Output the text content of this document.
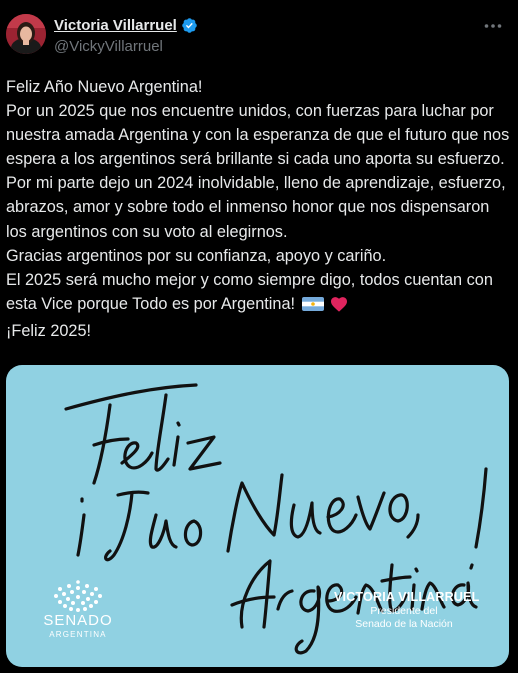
Victoria Villarruel
@VickyVillarruel

Feliz Año Nuevo Argentina!

Por un 2025 que nos encuentre unidos, con fuerzas para luchar por nuestra amada Argentina y con la esperanza de que el futuro que nos espera a los argentinos será brillante si cada uno aporta su esfuerzo.

Por mi parte dejo un 2024 inolvidable, lleno de aprendizaje, esfuerzo, abrazos, amor y sobre todo el inmenso honor que nos dispensaron los argentinos con su voto al elegirnos.

Gracias argentinos por su confianza, apoyo y cariño.

El 2025 será mucho mejor y como siempre digo, todos cuentan con esta Vice porque Todo es por Argentina!

¡Feliz 2025!

SENADO
ARGENTINA
VICTORIA VILLARRUEL
Presidente del
Senado de la Nación
